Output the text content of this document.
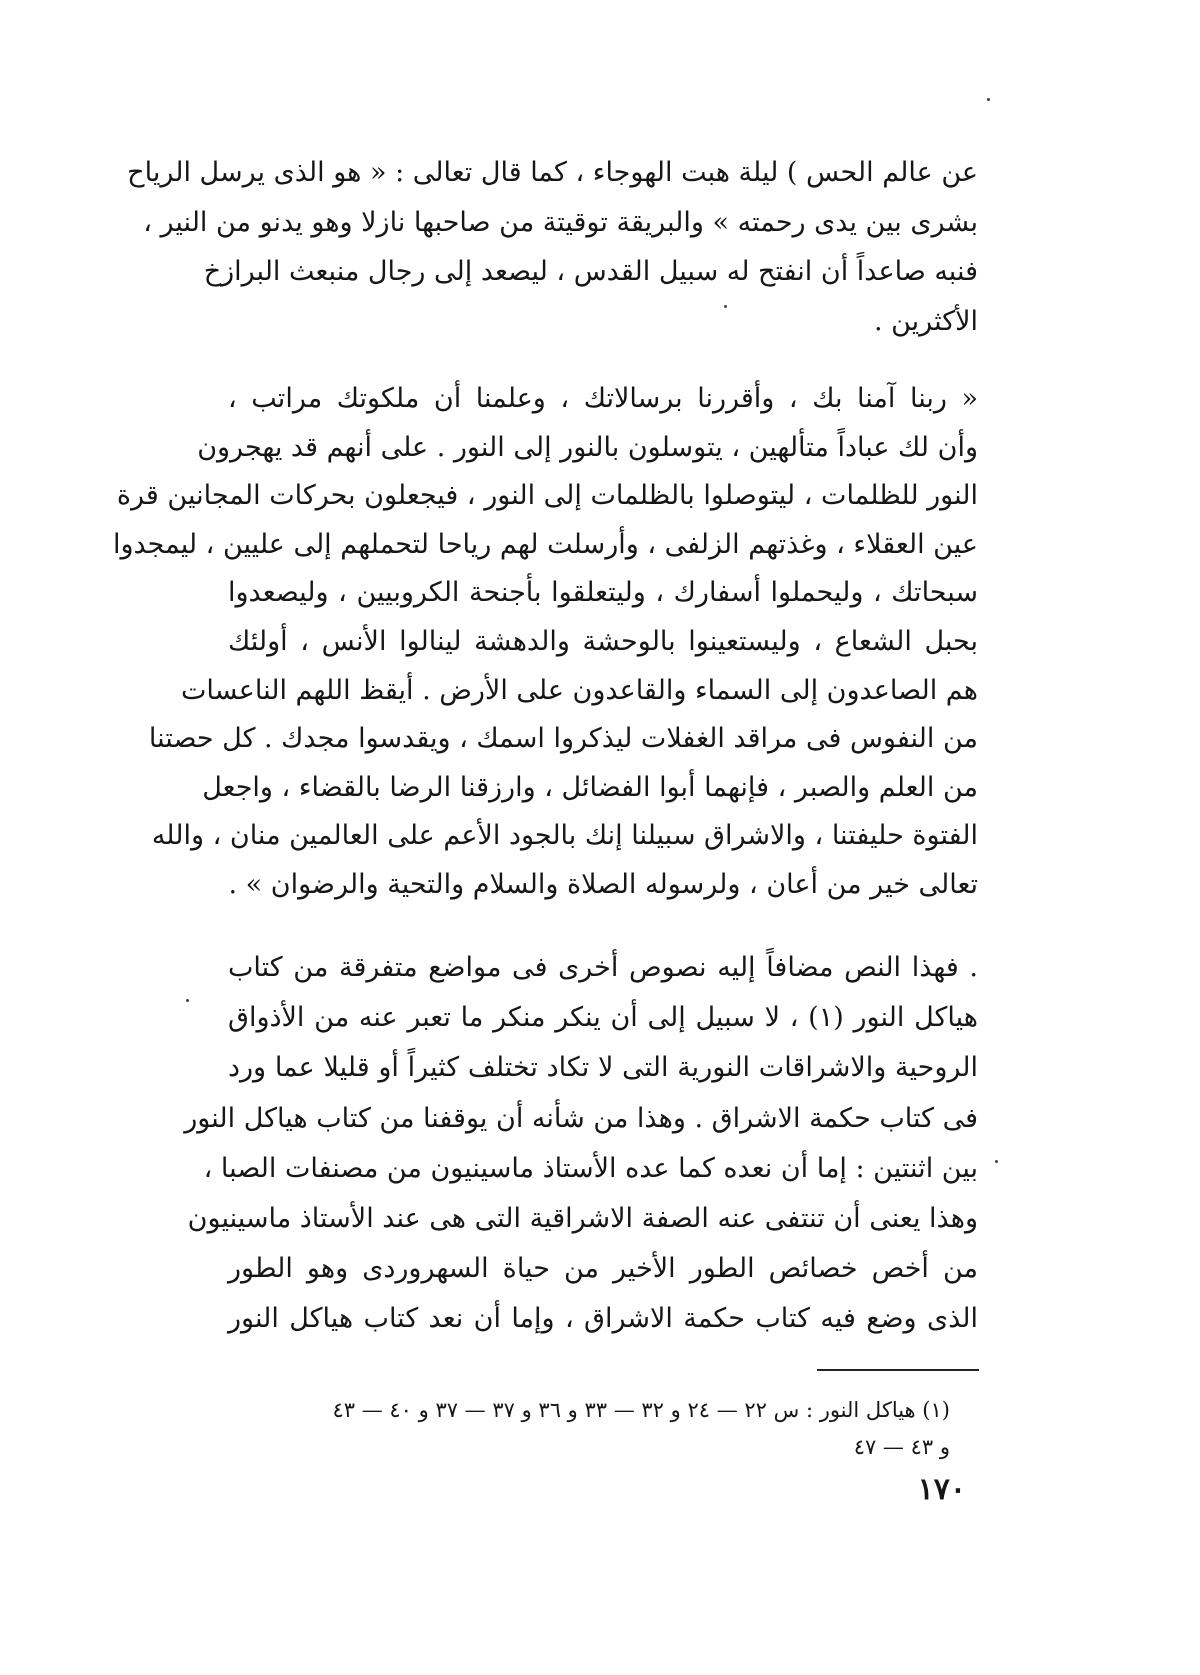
عن عالم الحس ) ليلة هبت الهوجاء ، كما قال تعالى : « هو الذى يرسل الرياح
بشرى بين يدى رحمته » والبريقة توقيتة من صاحبها نازلا وهو يدنو من النير ،
فنبه صاعداً أن انفتح له سبيل القدس ، ليصعد إلى رجال منبعث البرازخ
الأكثرين .
« ربنا آمنا بك ، وأقررنا برسالاتك ، وعلمنا أن ملكوتك مراتب ،
وأن لك عباداً متألهين ، يتوسلون بالنور إلى النور . على أنهم قد يهجرون
النور للظلمات ، ليتوصلوا بالظلمات إلى النور ، فيجعلون بحركات المجانين قرة
عين العقلاء ، وغذتهم الزلفى ، وأرسلت لهم رياحا لتحملهم إلى عليين ، ليمجدوا
سبحاتك ، وليحملوا أسفارك ، وليتعلقوا بأجنحة الكروبيين ، وليصعدوا
بحبل الشعاع ، وليستعينوا بالوحشة والدهشة لينالوا الأنس ، أولئك
هم الصاعدون إلى السماء والقاعدون على الأرض . أيقظ اللهم الناعسات
من النفوس فى مراقد الغفلات ليذكروا اسمك ، ويقدسوا مجدك . كل حصتنا
من العلم والصبر ، فإنهما أبوا الفضائل ، وارزقنا الرضا بالقضاء ، واجعل
الفتوة حليفتنا ، والاشراق سبيلنا إنك بالجود الأعم على العالمين منان ، والله
تعالى خير من أعان ، ولرسوله الصلاة والسلام والتحية والرضوان » .
. فهذا النص مضافاً إليه نصوص أخرى فى مواضع متفرقة من كتاب
هياكل النور (١) ، لا سبيل إلى أن ينكر منكر ما تعبر عنه من الأذواق
الروحية والاشراقات النورية التى لا تكاد تختلف كثيراً أو قليلا عما ورد
فى كتاب حكمة الاشراق . وهذا من شأنه أن يوقفنا من كتاب هياكل النور
بين اثنتين : إما أن نعده كما عده الأستاذ ماسينيون من مصنفات الصبا ،
وهذا يعنى أن تنتفى عنه الصفة الاشراقية التى هى عند الأستاذ ماسينيون
من أخص خصائص الطور الأخير من حياة السهروردى وهو الطور
الذى وضع فيه كتاب حكمة الاشراق ، وإما أن نعد كتاب هياكل النور
(١) هياكل النور : س ٢٢ — ٢٤ و ٣٢ — ٣٣ و ٣٦ و ٣٧ — ٣٧ و ٤٠ — ٤٣
و ٤٣ — ٤٧
١٧٠
